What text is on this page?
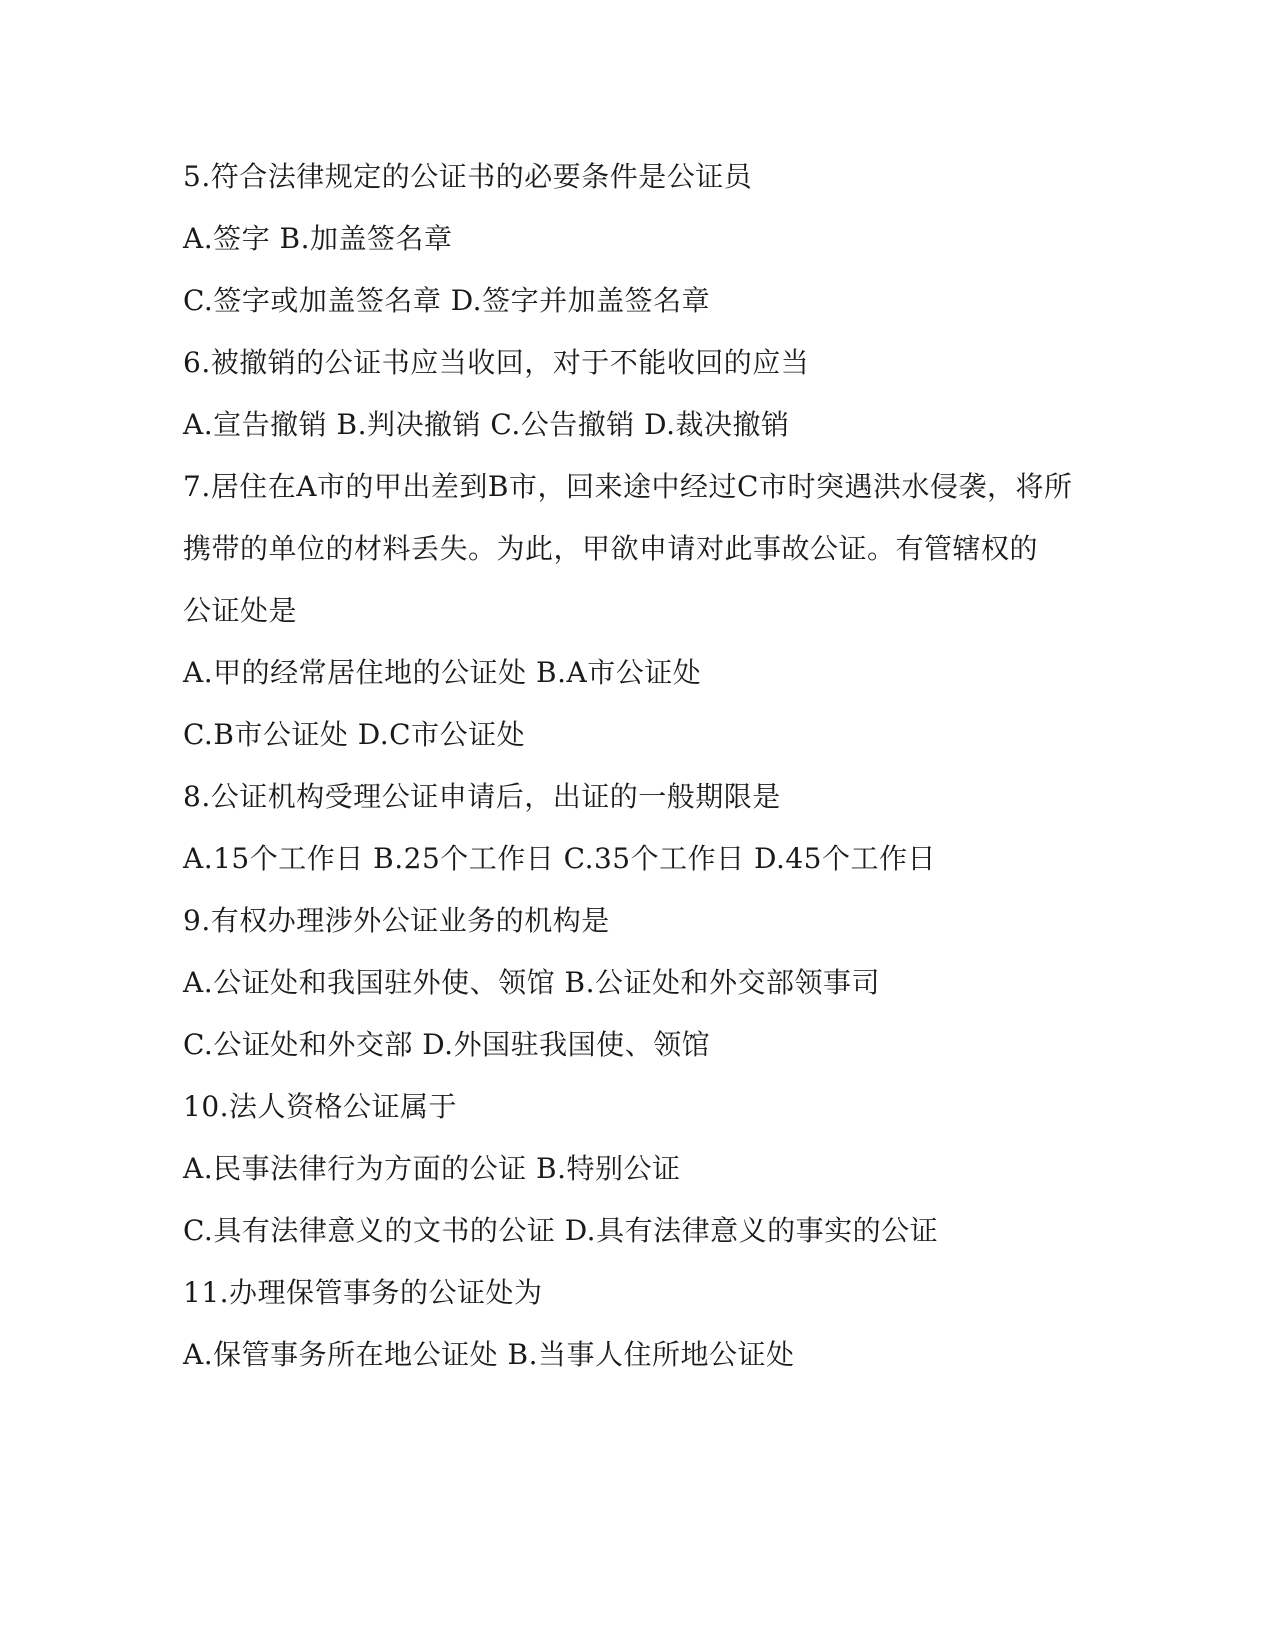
5.符合法律规定的公证书的必要条件是公证员
A.签字 B.加盖签名章
C.签字或加盖签名章 D.签字并加盖签名章
6.被撤销的公证书应当收回，对于不能收回的应当
A.宣告撤销 B.判决撤销 C.公告撤销 D.裁决撤销
7.居住在A市的甲出差到B市，回来途中经过C市时突遇洪水侵袭，将所
携带的单位的材料丢失。为此，甲欲申请对此事故公证。有管辖权的
公证处是
A.甲的经常居住地的公证处 B.A市公证处
C.B市公证处 D.C市公证处
8.公证机构受理公证申请后，出证的一般期限是
A.15个工作日 B.25个工作日 C.35个工作日 D.45个工作日
9.有权办理涉外公证业务的机构是
A.公证处和我国驻外使、领馆 B.公证处和外交部领事司
C.公证处和外交部 D.外国驻我国使、领馆
10.法人资格公证属于
A.民事法律行为方面的公证 B.特别公证
C.具有法律意义的文书的公证 D.具有法律意义的事实的公证
11.办理保管事务的公证处为
A.保管事务所在地公证处 B.当事人住所地公证处
